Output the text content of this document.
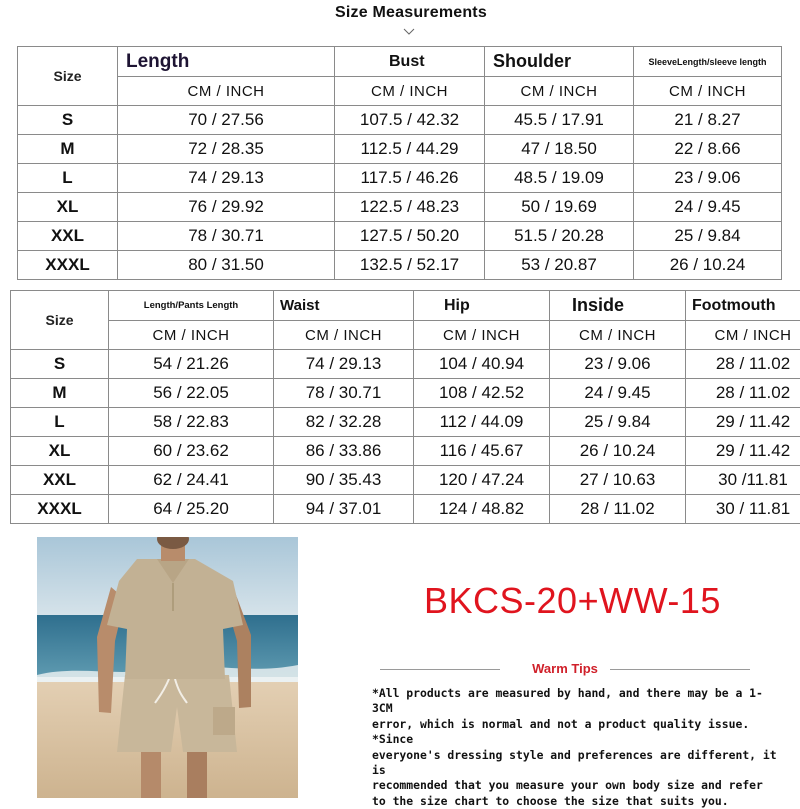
Size Measurements
Size	Length	Bust	Shoulder	SleeveLength/sleeve length
	CM / INCH	CM / INCH	CM / INCH	CM / INCH
S	70 / 27.56	107.5 / 42.32	45.5 / 17.91	21 / 8.27
M	72 / 28.35	112.5 / 44.29	47 / 18.50	22 / 8.66
L	74 / 29.13	117.5 / 46.26	48.5 / 19.09	23 / 9.06
XL	76 / 29.92	122.5 / 48.23	50 / 19.69	24 / 9.45
XXL	78 / 30.71	127.5 / 50.20	51.5 / 20.28	25 / 9.84
XXXL	80 / 31.50	132.5 / 52.17	53 / 20.87	26 / 10.24
Size	Length/Pants Length	Waist	Hip	Inside	Footmouth
	CM / INCH	CM / INCH	CM / INCH	CM / INCH	CM / INCH
S	54 / 21.26	74 / 29.13	104 / 40.94	23 / 9.06	28 / 11.02
M	56 / 22.05	78 / 30.71	108 / 42.52	24 / 9.45	28 / 11.02
L	58 / 22.83	82 / 32.28	112 / 44.09	25 / 9.84	29 / 11.42
XL	60 / 23.62	86 / 33.86	116 / 45.67	26 / 10.24	29 / 11.42
XXL	62 / 24.41	90 / 35.43	120 / 47.24	27 / 10.63	30 /11.81
XXXL	64 / 25.20	94 / 37.01	124 / 48.82	28 / 11.02	30 / 11.81
BKCS-20+WW-15
Warm Tips
*All products are measured by hand, and there may be a 1-3CM
error, which is normal and not a product quality issue. *Since
everyone's dressing style and preferences are different, it is
recommended that you measure your own body size and refer
to the size chart to choose the size that suits you.
